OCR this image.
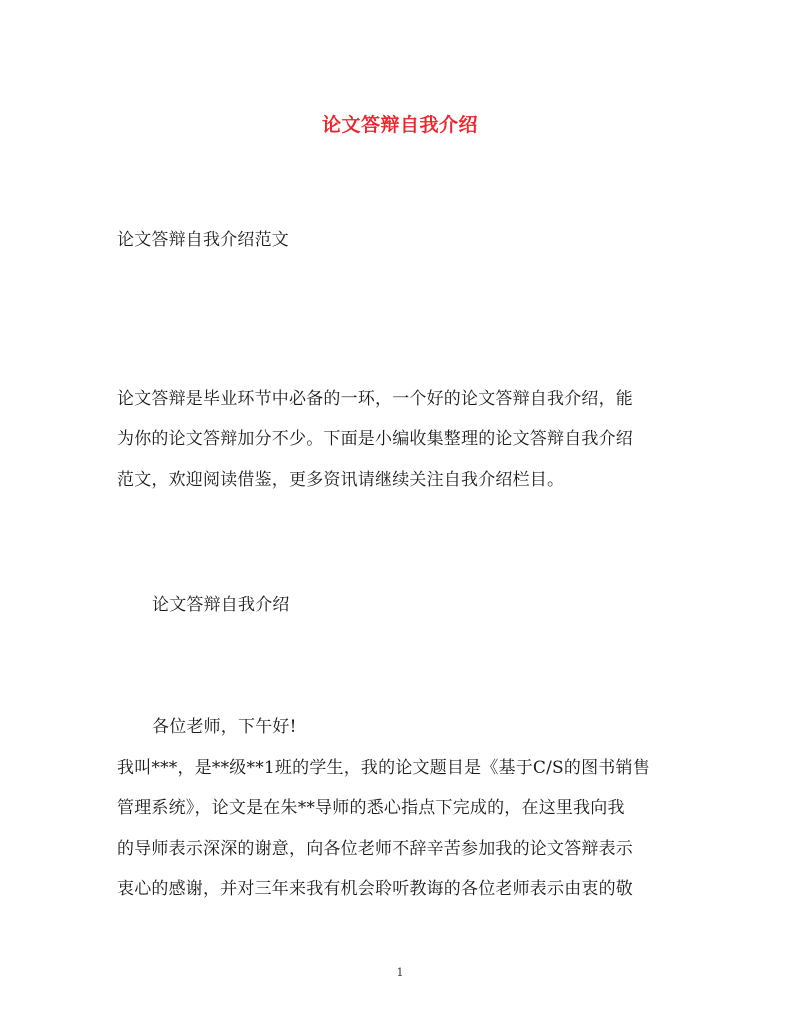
论文答辩自我介绍
论文答辩自我介绍范文
论文答辩是毕业环节中必备的一环，一个好的论文答辩自我介绍，能
为你的论文答辩加分不少。下面是小编收集整理的论文答辩自我介绍
范文，欢迎阅读借鉴，更多资讯请继续关注自我介绍栏目。
论文答辩自我介绍
各位老师，下午好!
我叫***，是**级**1班的学生，我的论文题目是《基于C/S的图书销售
管理系统》，论文是在朱**导师的悉心指点下完成的，在这里我向我
的导师表示深深的谢意，向各位老师不辞辛苦参加我的论文答辩表示
衷心的感谢，并对三年来我有机会聆听教诲的各位老师表示由衷的敬
1
